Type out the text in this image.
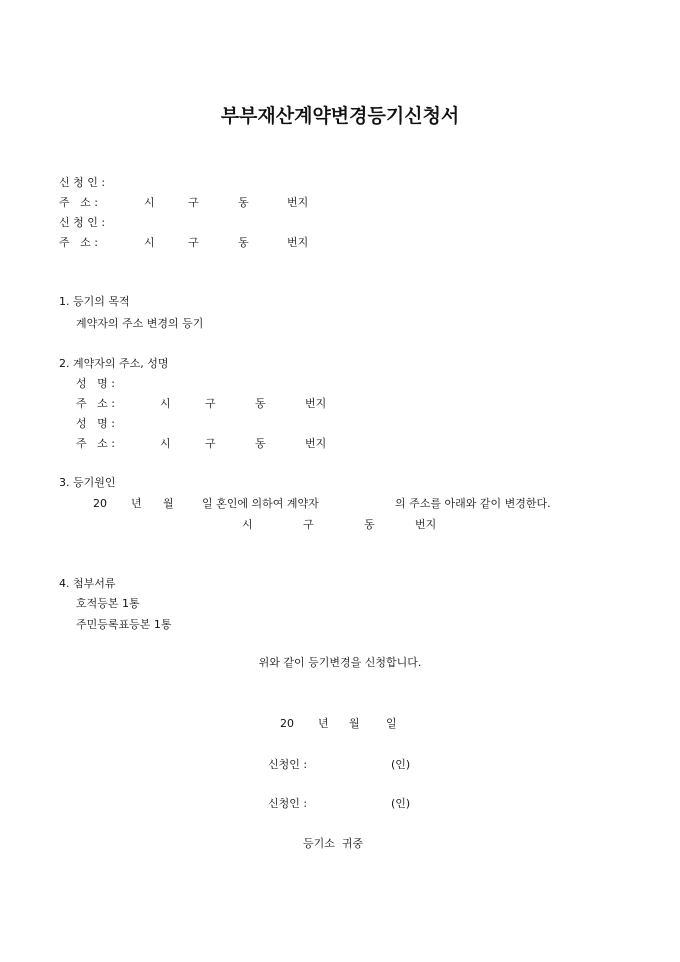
부부재산계약변경등기신청서
신 청 인 :
주   소 :	시	구	동	번지
신 청 인 :
주   소 :	시	구	동	번지
1. 등기의 목적
계약자의 주소 변경의 등기
2. 계약자의 주소, 성명
성   명 :
주   소 :	시	구	동	번지
성   명 :
주   소 :	시	구	동	번지
3. 등기원인
20 년 월	일 혼인에 의하여 계약자	의 주소를 아래와 같이 변경한다.
시	구	동	번지
4. 첨부서류
호적등본 1통
주민등록표등본 1통
위와 같이 등기변경을 신청합니다.
20 년 월 일
신청인 :	(인)
신청인 :	(인)
등기소  귀중
